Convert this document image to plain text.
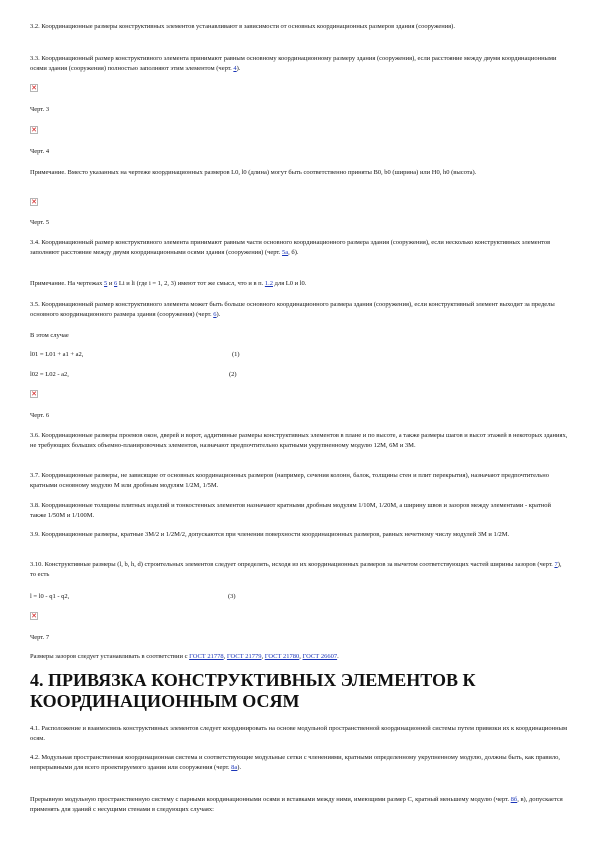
3.2. Координационные размеры конструктивных элементов устанавливают в зависимости от основных координационных размеров здания (сооружения).

3.3. Координационный размер конструктивного элемента принимают равным основному координационному размеру здания (сооружения), если расстояние между двумя координационными осями здания (сооружения) полностью заполняют этим элементом (черт. 4).

✕

Черт. 3

✕

Черт. 4

Примечание. Вместо указанных на чертеже координационных размеров L0, l0 (длина) могут быть соответственно приняты B0, b0 (ширина) или H0, h0 (высота).

✕

Черт. 5

3.4. Координационный размер конструктивного элемента принимают равным части основного координационного размера здания (сооружения), если несколько конструктивных элементов заполняют расстояние между двумя координационными осями здания (сооружения) (черт. 5а, б).

Примечание. На чертежах 5 и 6 Li и li (где i = 1, 2, 3) имеют тот же смысл, что и в п. 1.2 для L0 и l0.

3.5. Координационный размер конструктивного элемента может быть больше основного координационного размера здания (сооружения), если конструктивный элемент выходит за пределы основного координационного размера здания (сооружения) (черт. 6).

В этом случае

l01 = L01 + a1 + a2,	(1)
l02 = L02 - a2,	(2)
✕

Черт. 6

3.6. Координационные размеры проемов окон, дверей и ворот, аддитивные размеры конструктивных элементов в плане и по высоте, а также размеры шагов и высот этажей в некоторых зданиях, не требующих больших объемно-планировочных элементов, назначают предпочтительно кратными укрупненному модулю 12М, 6М и 3М.

3.7. Координационные размеры, не зависящие от основных координационных размеров (например, сечения колонн, балок, толщины стен и плит перекрытия), назначают предпочтительно кратными основному модулю М или дробным модулям 1/2М, 1/5М.

3.8. Координационные толщины плитных изделий и тонкостенных элементов назначают кратными дробным модулям 1/10М, 1/20М, а ширину швов и зазоров между элементами - кратной также 1/50М и 1/100М.

3.9. Координационные размеры, кратные 3М/2 и 1/2М/2, допускаются при членении поверхности координационных размеров, равных нечетному числу модулей 3М и 1/2М.

3.10. Конструктивные размеры (l, b, h, d) строительных элементов следует определять, исходя из их координационных размеров за вычетом соответствующих частей ширины зазоров (черт. 7), то есть

l = l0 - q1 - q2,	(3)
✕

Черт. 7

Размеры зазоров следует устанавливать в соответствии с ГОСТ 21778, ГОСТ 21779, ГОСТ 21780, ГОСТ 26607.

4. ПРИВЯЗКА КОНСТРУКТИВНЫХ ЭЛЕМЕНТОВ К КООРДИНАЦИОННЫМ ОСЯМ

4.1. Расположение и взаимосвязь конструктивных элементов следует координировать на основе модульной пространственной координационной системы путем привязки их к координационным осям.

4.2. Модульная пространственная координационная система и соответствующие модульные сетки с членениями, кратными определенному укрупненному модулю, должны быть, как правило, непрерывными для всего проектируемого здания или сооружения (черт. 8а).

Прерывную модульную пространственную систему с парными координационными осями и вставками между ними, имеющими размер С, кратный меньшему модулю (черт. 8б, в), допускается применять для зданий с несущими стенами в следующих случаях:
